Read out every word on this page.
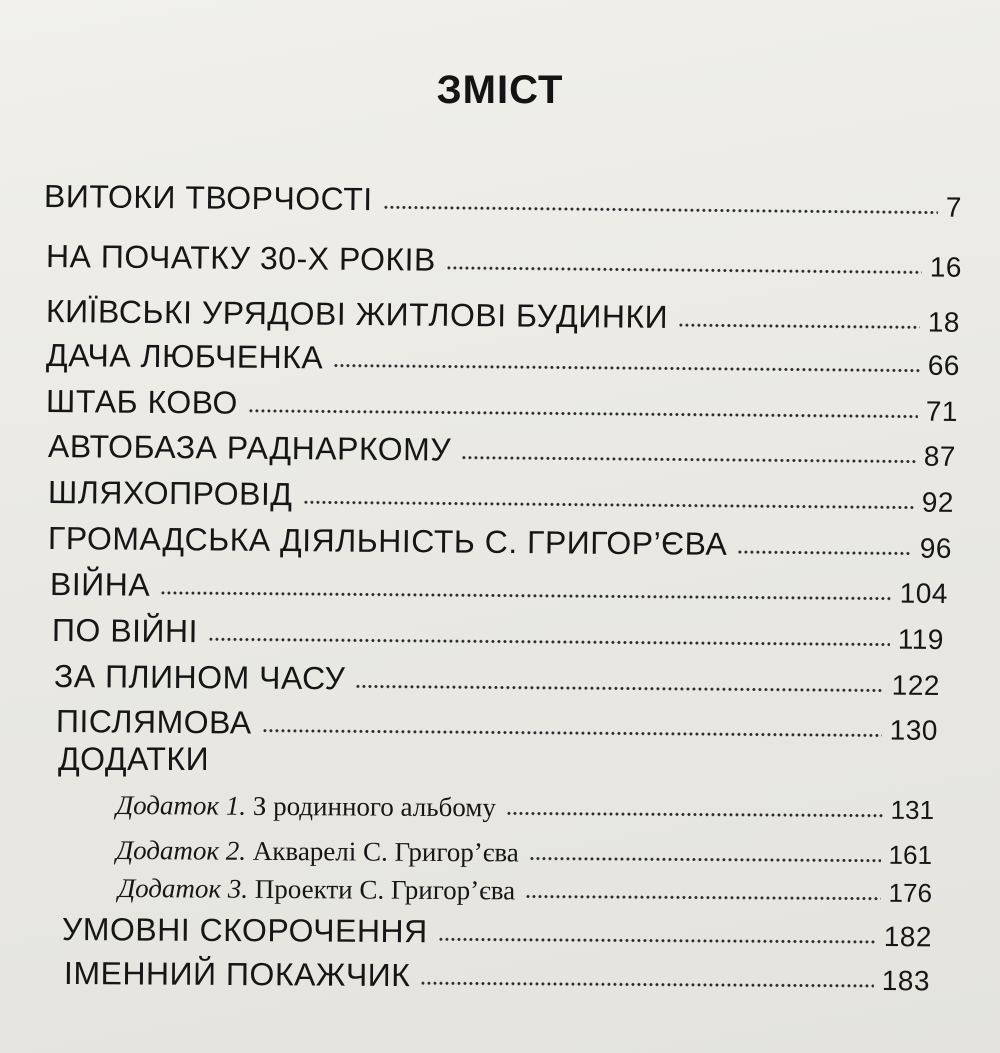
ЗМІСТ
ВИТОКИ ТВОРЧОСТІ	7
НА ПОЧАТКУ 30-Х РОКІВ	16
КИЇВСЬКІ УРЯДОВІ ЖИТЛОВІ БУДИНКИ	18
ДАЧА ЛЮБЧЕНКА	66
ШТАБ КОВО	71
АВТОБАЗА РАДНАРКОМУ	87
ШЛЯХОПРОВІД	92
ГРОМАДСЬКА ДІЯЛЬНІСТЬ С. ГРИГОР’ЄВА	96
ВІЙНА	104
ПО ВІЙНІ	119
ЗА ПЛИНОМ ЧАСУ	122
ПІСЛЯМОВА	130
ДОДАТКИ
Додаток 1. З родинного альбому	131
Додаток 2. Акварелі С. Григор’єва	161
Додаток 3. Проекти С. Григор’єва	176
УМОВНІ СКОРОЧЕННЯ	182
ІМЕННИЙ ПОКАЖЧИК	183
